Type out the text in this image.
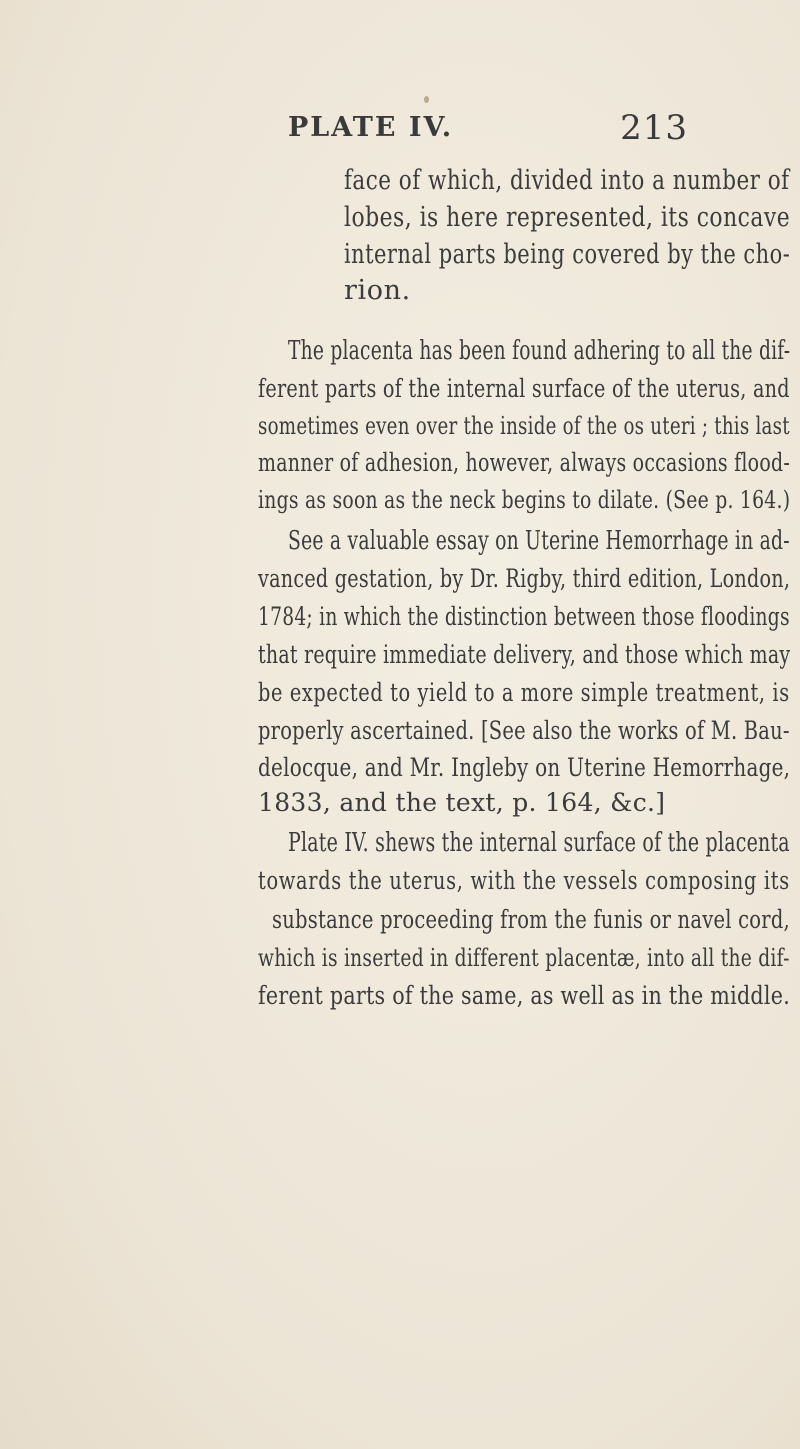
PLATE IV.	213
face of which, divided into a number of
lobes, is here represented, its concave
internal parts being covered by the cho-
rion.
The placenta has been found adhering to all the dif-
ferent parts of the internal surface of the uterus, and
sometimes even over the inside of the os uteri ; this last
manner of adhesion, however, always occasions flood-
ings as soon as the neck begins to dilate. (See p. 164.)
See a valuable essay on Uterine Hemorrhage in ad-
vanced gestation, by Dr. Rigby, third edition, London,
1784; in which the distinction between those floodings
that require immediate delivery, and those which may
be expected to yield to a more simple treatment, is
properly ascertained. [See also the works of M. Bau-
delocque, and Mr. Ingleby on Uterine Hemorrhage,
1833, and the text, p. 164, &c.]
Plate IV. shews the internal surface of the placenta
towards the uterus, with the vessels composing its
substance proceeding from the funis or navel cord,
which is inserted in different placentæ, into all the dif-
ferent parts of the same, as well as in the middle.
